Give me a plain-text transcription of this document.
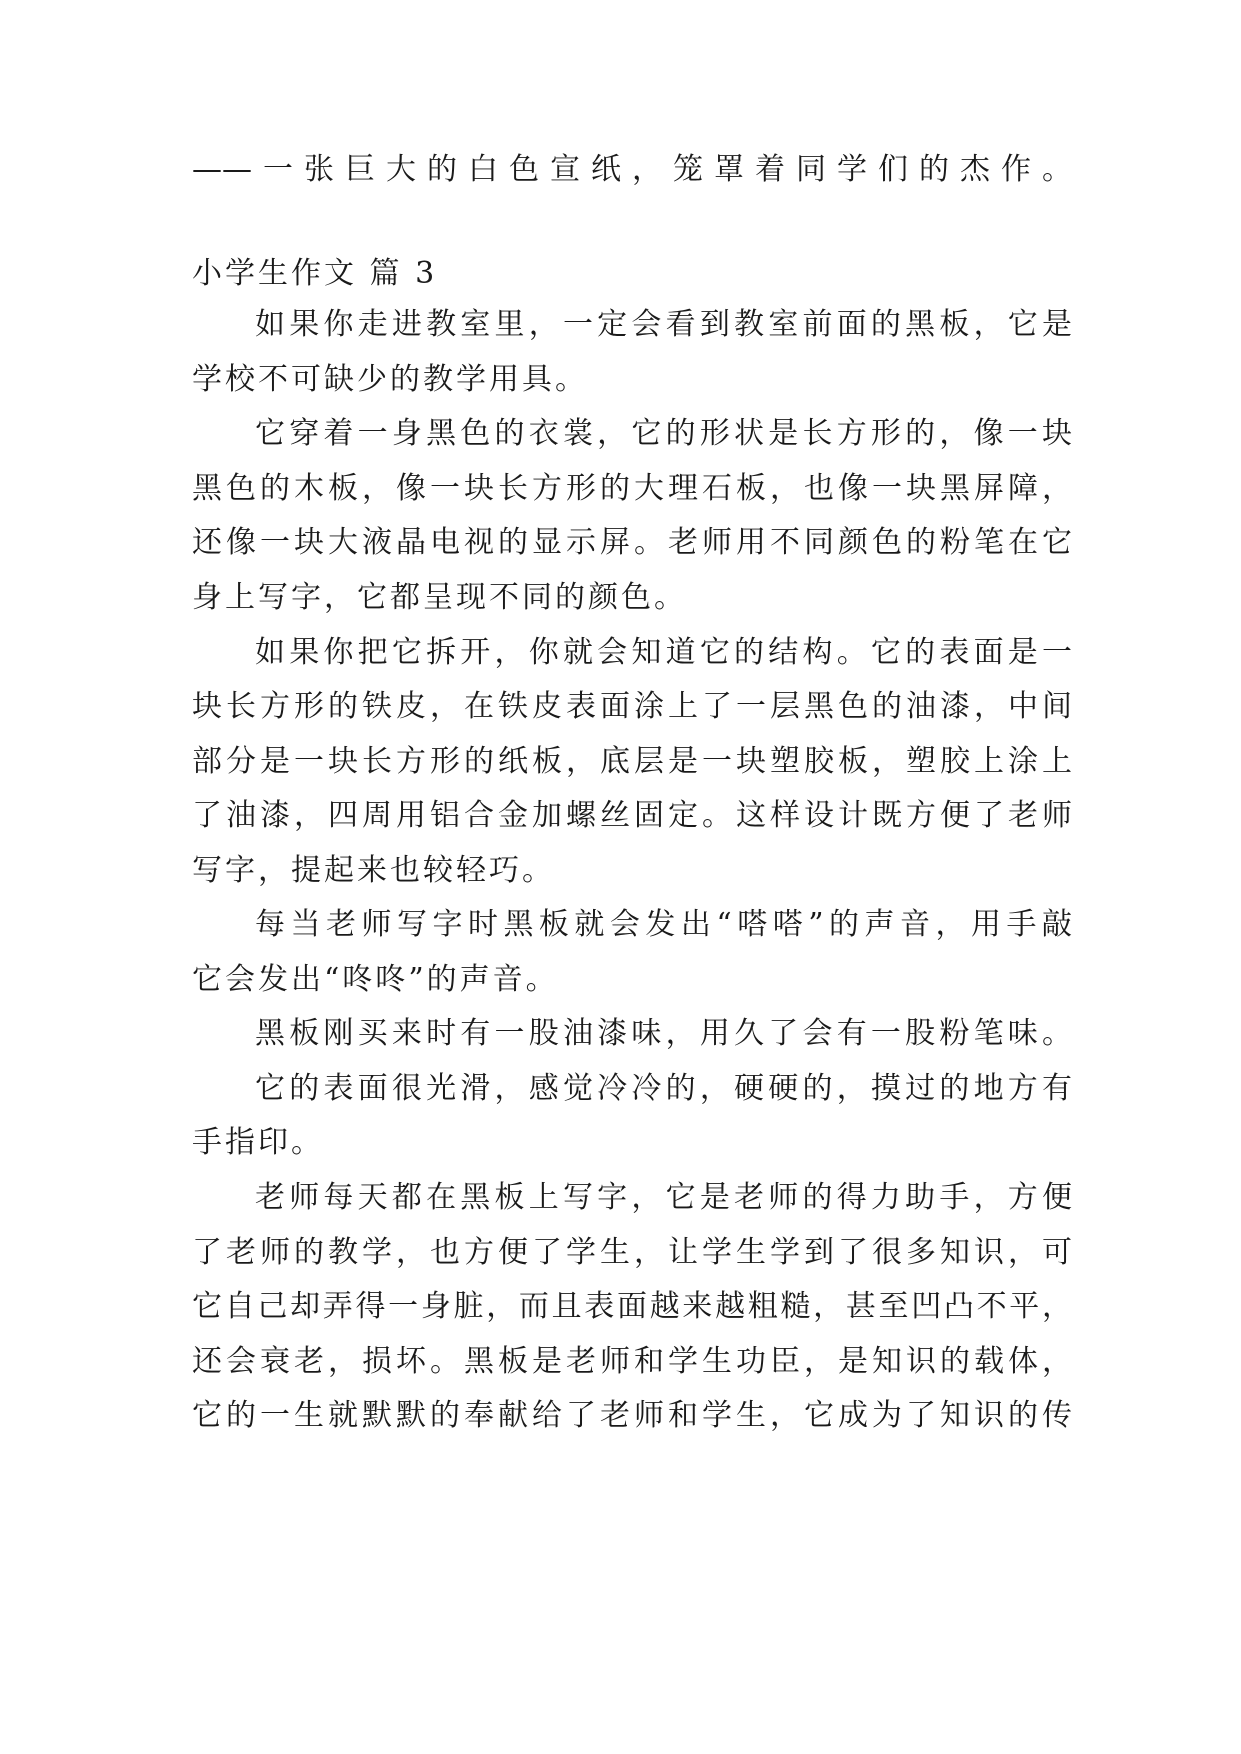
——一张巨大的白色宣纸，笼罩着同学们的杰作。

小学生作文 篇 3

如果你走进教室里，一定会看到教室前面的黑板，它是

学校不可缺少的教学用具。

它穿着一身黑色的衣裳，它的形状是长方形的，像一块

黑色的木板，像一块长方形的大理石板，也像一块黑屏障，

还像一块大液晶电视的显示屏。老师用不同颜色的粉笔在它

身上写字，它都呈现不同的颜色。

如果你把它拆开，你就会知道它的结构。它的表面是一

块长方形的铁皮，在铁皮表面涂上了一层黑色的油漆，中间

部分是一块长方形的纸板，底层是一块塑胶板，塑胶上涂上

了油漆，四周用铝合金加螺丝固定。这样设计既方便了老师

写字，提起来也较轻巧。

每当老师写字时黑板就会发出“嗒嗒”的声音，用手敲

它会发出“咚咚”的声音。

黑板刚买来时有一股油漆味，用久了会有一股粉笔味。

它的表面很光滑，感觉冷冷的，硬硬的，摸过的地方有

手指印。

老师每天都在黑板上写字，它是老师的得力助手，方便

了老师的教学，也方便了学生，让学生学到了很多知识，可

它自己却弄得一身脏，而且表面越来越粗糙，甚至凹凸不平，

还会衰老，损坏。黑板是老师和学生功臣，是知识的载体，

它的一生就默默的奉献给了老师和学生，它成为了知识的传
